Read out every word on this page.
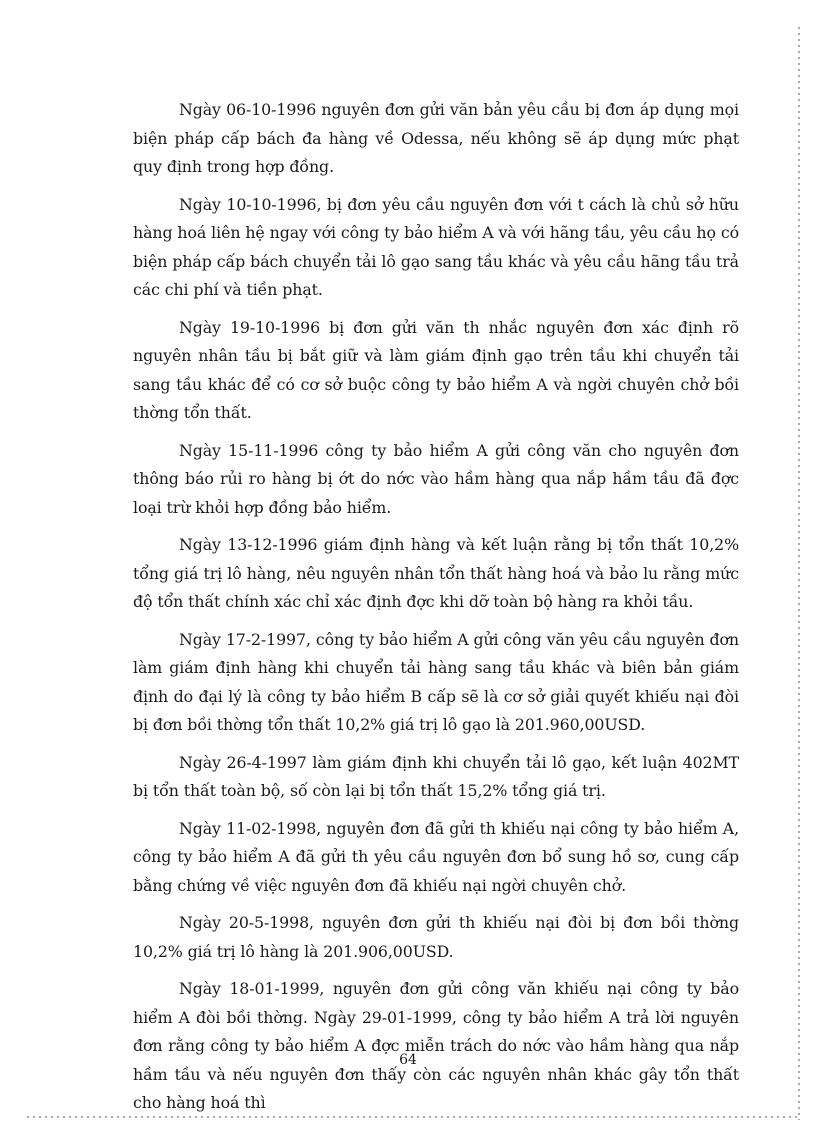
Ngày 06-10-1996 nguyên đơn gửi văn bản yêu cầu bị đơn áp dụng mọi biện pháp cấp bách đa hàng về Odessa, nếu không sẽ áp dụng mức phạt quy định trong hợp đồng.

Ngày 10-10-1996, bị đơn yêu cầu nguyên đơn với t cách là chủ sở hữu hàng hoá liên hệ ngay với công ty bảo hiểm A và với hãng tầu, yêu cầu họ có biện pháp cấp bách chuyển tải lô gạo sang tầu khác và yêu cầu hãng tầu trả các chi phí và tiền phạt.

Ngày 19-10-1996 bị đơn gửi văn th nhắc nguyên đơn xác định rõ nguyên nhân tầu bị bắt giữ và làm giám định gạo trên tầu khi chuyển tải sang tầu khác để có cơ sở buộc công ty bảo hiểm A và ngời chuyên chở bồi thờng tổn thất.

Ngày 15-11-1996 công ty bảo hiểm A gửi công văn cho nguyên đơn thông báo rủi ro hàng bị ớt do nớc vào hầm hàng qua nắp hầm tầu đã đợc loại trừ khỏi hợp đồng bảo hiểm.

Ngày 13-12-1996 giám định hàng và kết luận rằng bị tổn thất 10,2% tổng giá trị lô hàng, nêu nguyên nhân tổn thất hàng hoá và bảo lu rằng mức độ tổn thất chính xác chỉ xác định đợc khi dỡ toàn bộ hàng ra khỏi tầu.

Ngày 17-2-1997, công ty bảo hiểm A gửi công văn yêu cầu nguyên đơn làm giám định hàng khi chuyển tải hàng sang tầu khác và biên bản giám định do đại lý là công ty bảo hiểm B cấp sẽ là cơ sở giải quyết khiếu nại đòi bị đơn bồi thờng tổn thất 10,2% giá trị lô gạo là 201.960,00USD.

Ngày 26-4-1997 làm giám định khi chuyển tải lô gạo, kết luận 402MT bị tổn thất toàn bộ, số còn lại bị tổn thất 15,2% tổng giá trị.

Ngày 11-02-1998, nguyên đơn đã gửi th khiếu nại công ty bảo hiểm A, công ty bảo hiểm A đã gửi th yêu cầu nguyên đơn bổ sung hồ sơ, cung cấp bằng chứng về việc nguyên đơn đã khiếu nại ngời chuyên chở.

Ngày 20-5-1998, nguyên đơn gửi th khiếu nại đòi bị đơn bồi thờng 10,2% giá trị lô hàng là 201.906,00USD.

Ngày 18-01-1999, nguyên đơn gửi công văn khiếu nại công ty bảo hiểm A đòi bồi thờng. Ngày 29-01-1999, công ty bảo hiểm A trả lời nguyên đơn rằng công ty bảo hiểm A đợc miễn trách do nớc vào hầm hàng qua nắp hầm tầu và nếu nguyên đơn thấy còn các nguyên nhân khác gây tổn thất cho hàng hoá thì

64
